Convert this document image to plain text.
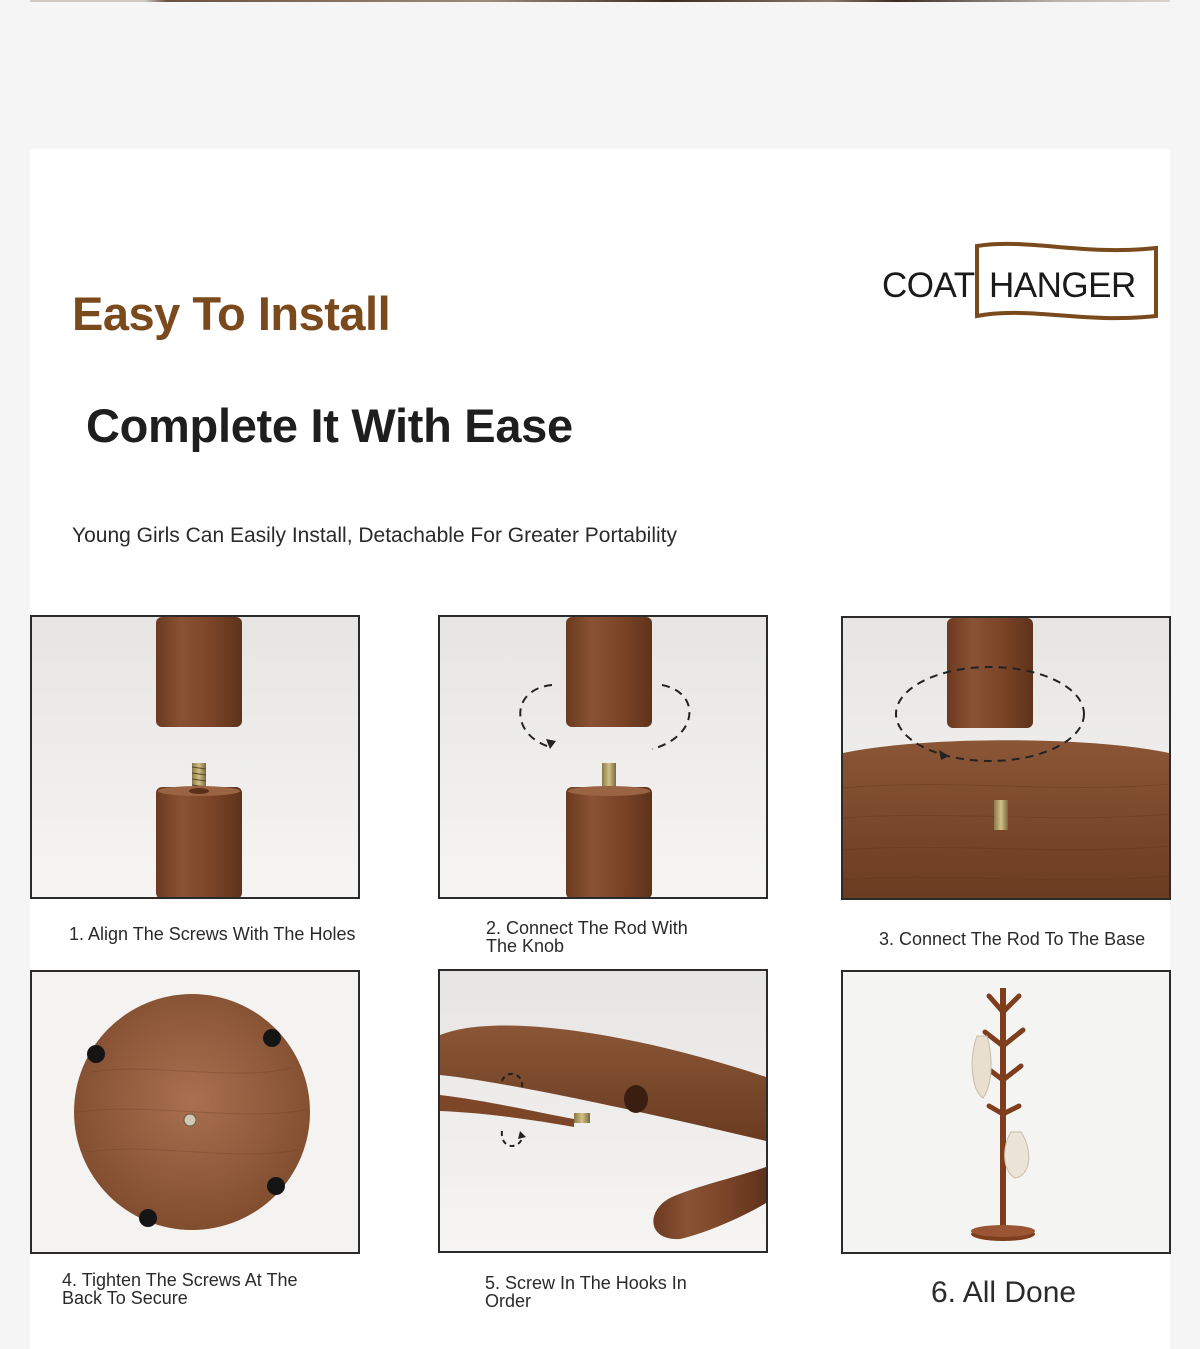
Easy To Install
Complete It With Ease
Young Girls Can Easily Install, Detachable For Greater Portability
COAT HANGER
1. Align The Screws With The Holes	2. Connect The Rod With
The Knob	3. Connect The Rod To The Base
4. Tighten The Screws At The
Back To Secure
5. Screw In The Hooks In
Order	6. All Done
